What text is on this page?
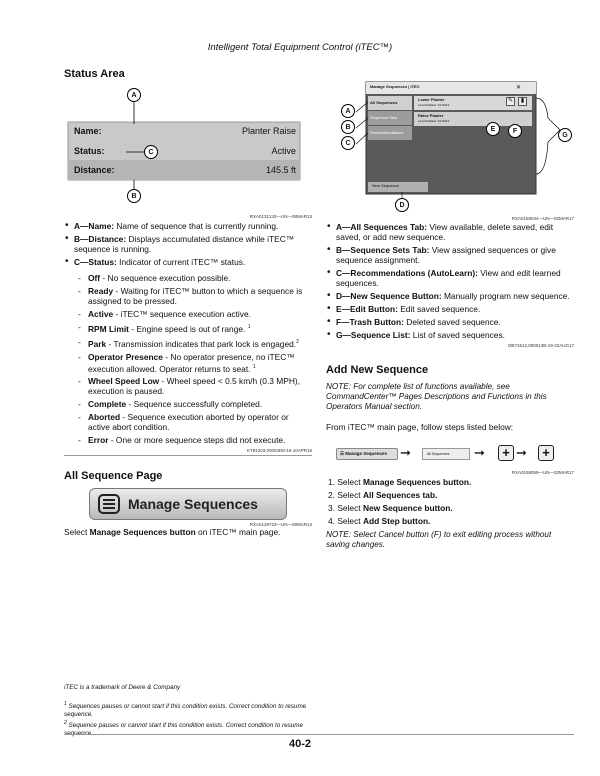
Intelligent Total Equipment Control (iTEC™)
Status Area
A
C
B
Name:	Planter Raise
Status:	Active
Distance:	145.5 ft
RXA0131243—UN—08MAR13
• A—Name: Name of sequence that is currently running.
• B—Distance: Displays accumulated distance while iTEC™ sequence is running.
• C—Status: Indicator of current iTEC™ status.
- Off - No sequence execution possible.
- Ready - Waiting for iTEC™ button to which a sequence is assigned to be pressed.
- Active - iTEC™ sequence execution active.
- RPM Limit - Engine speed is out of range. $^1$
- Park - Transmission indicates that park lock is engaged.$^2$
- Operator Presence - No operator presence, no iTEC™ execution allowed. Operator returns to seat. $^1$
- Wheel Speed Low - Wheel speed < 0.5 km/h (0.3 MPH), execution is paused.
- Complete - Sequence successfully completed.
- Aborted - Sequence execution aborted by operator or active abort condition.
- Error - One or more sequence steps did not execute.
KT81203,00004D8-19-10APR18
All Sequence Page
Manage Sequences
RXA0129723—UN—08MAR13
Select Manage Sequences button on iTEC™ main page.
Manage Sequences | iTEC	✕
All Sequences
Sequence Sets
Recommendations
Lower Planter
Last Modified: 1/1/2013
Raise Planter
Last Modified: 1/1/2013
✎	▮
New Sequence
A
B
C
D
E	F
G
RXA0158044—UN—02MAR17
• A—All Sequences Tab: View available, delete saved, edit saved, or add new sequence.
• B—Sequence Sets Tab: View assigned sequences or give sequence assignment.
• C—Recommendations (AutoLearn): View and edit learned sequences.
• D—New Sequence Button: Manually program new sequence.
• E—Edit Button: Edit saved sequence.
• F—Trash Button: Deleted saved sequence.
• G—Sequence List: List of saved sequences.
DB71512,000013B-19-22AUG17
Add New Sequence
NOTE: For complete list of functions available, see CommandCenter™ Pages Descriptions and Functions in this Operators Manual section.
From iTEC™ main page, follow steps listed below:
☰ Manage Sequences ➞	All Sequences	➞	+ ➞	+
RXA0158059—UN—02MAR17
1. Select Manage Sequences button.
2. Select All Sequences tab.
3. Select New Sequence button.
4. Select Add Step button.
NOTE: Select Cancel button (F) to exit editing process without saving changes.
iTEC is a trademark of Deere & Company
$^1$ Sequences pauses or cannot start if this condition exists. Correct condition to resume sequence.
$^2$ Sequence pauses or cannot start if this condition exists. Correct condition to resume sequence.
40-2
